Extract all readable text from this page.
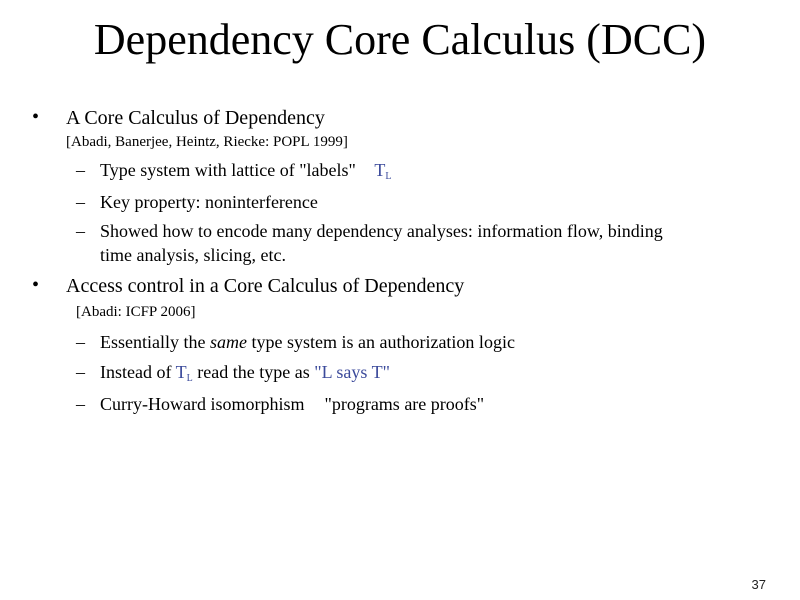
Dependency Core Calculus (DCC)
• A Core Calculus of Dependency
[Abadi, Banerjee, Heintz, Riecke: POPL 1999]
– Type system with lattice of "labels" $T_L$
– Key property: noninterference
– Showed how to encode many dependency analyses: information flow, binding
time analysis, slicing, etc.
• Access control in a Core Calculus of Dependency
[Abadi: ICFP 2006]
– Essentially the same type system is an authorization logic
– Instead of $T_L$ read the type as "L says T"
– Curry-Howard isomorphism "programs are proofs"
37
